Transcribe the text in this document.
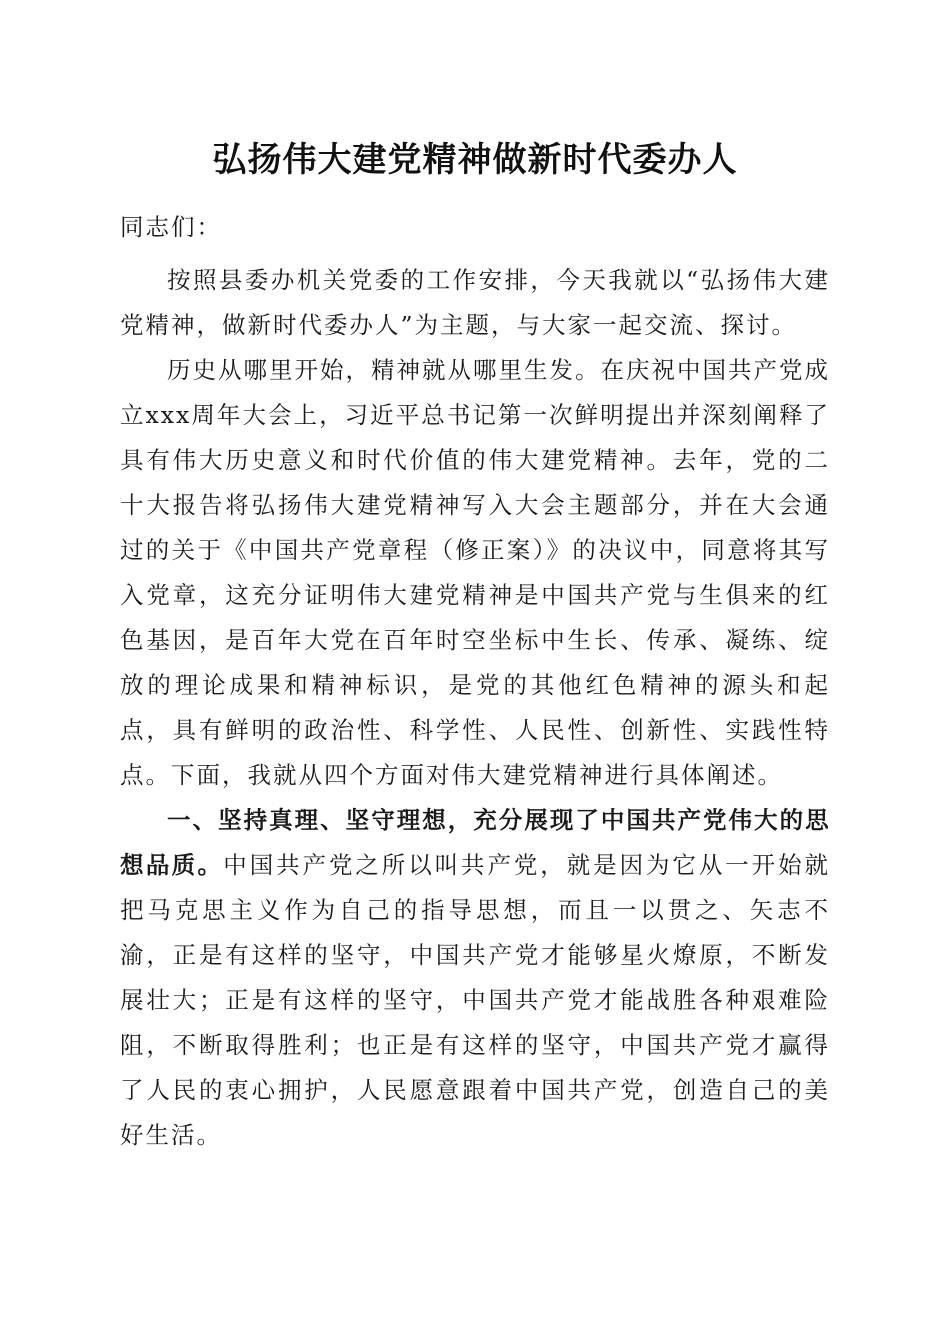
弘扬伟大建党精神做新时代委办人

同志们：

按照县委办机关党委的工作安排，今天我就以“弘扬伟大建党精神，做新时代委办人”为主题，与大家一起交流、探讨。

历史从哪里开始，精神就从哪里生发。在庆祝中国共产党成立xxx周年大会上，习近平总书记第一次鲜明提出并深刻阐释了具有伟大历史意义和时代价值的伟大建党精神。去年，党的二十大报告将弘扬伟大建党精神写入大会主题部分，并在大会通过的关于《中国共产党章程（修正案）》的决议中，同意将其写入党章，这充分证明伟大建党精神是中国共产党与生俱来的红色基因，是百年大党在百年时空坐标中生长、传承、凝练、绽放的理论成果和精神标识，是党的其他红色精神的源头和起点，具有鲜明的政治性、科学性、人民性、创新性、实践性特点。下面，我就从四个方面对伟大建党精神进行具体阐述。

一、坚持真理、坚守理想，充分展现了中国共产党伟大的思想品质。中国共产党之所以叫共产党，就是因为它从一开始就把马克思主义作为自己的指导思想，而且一以贯之、矢志不渝，正是有这样的坚守，中国共产党才能够星火燎原，不断发展壮大；正是有这样的坚守，中国共产党才能战胜各种艰难险阻，不断取得胜利；也正是有这样的坚守，中国共产党才赢得了人民的衷心拥护，人民愿意跟着中国共产党，创造自己的美好生活。
